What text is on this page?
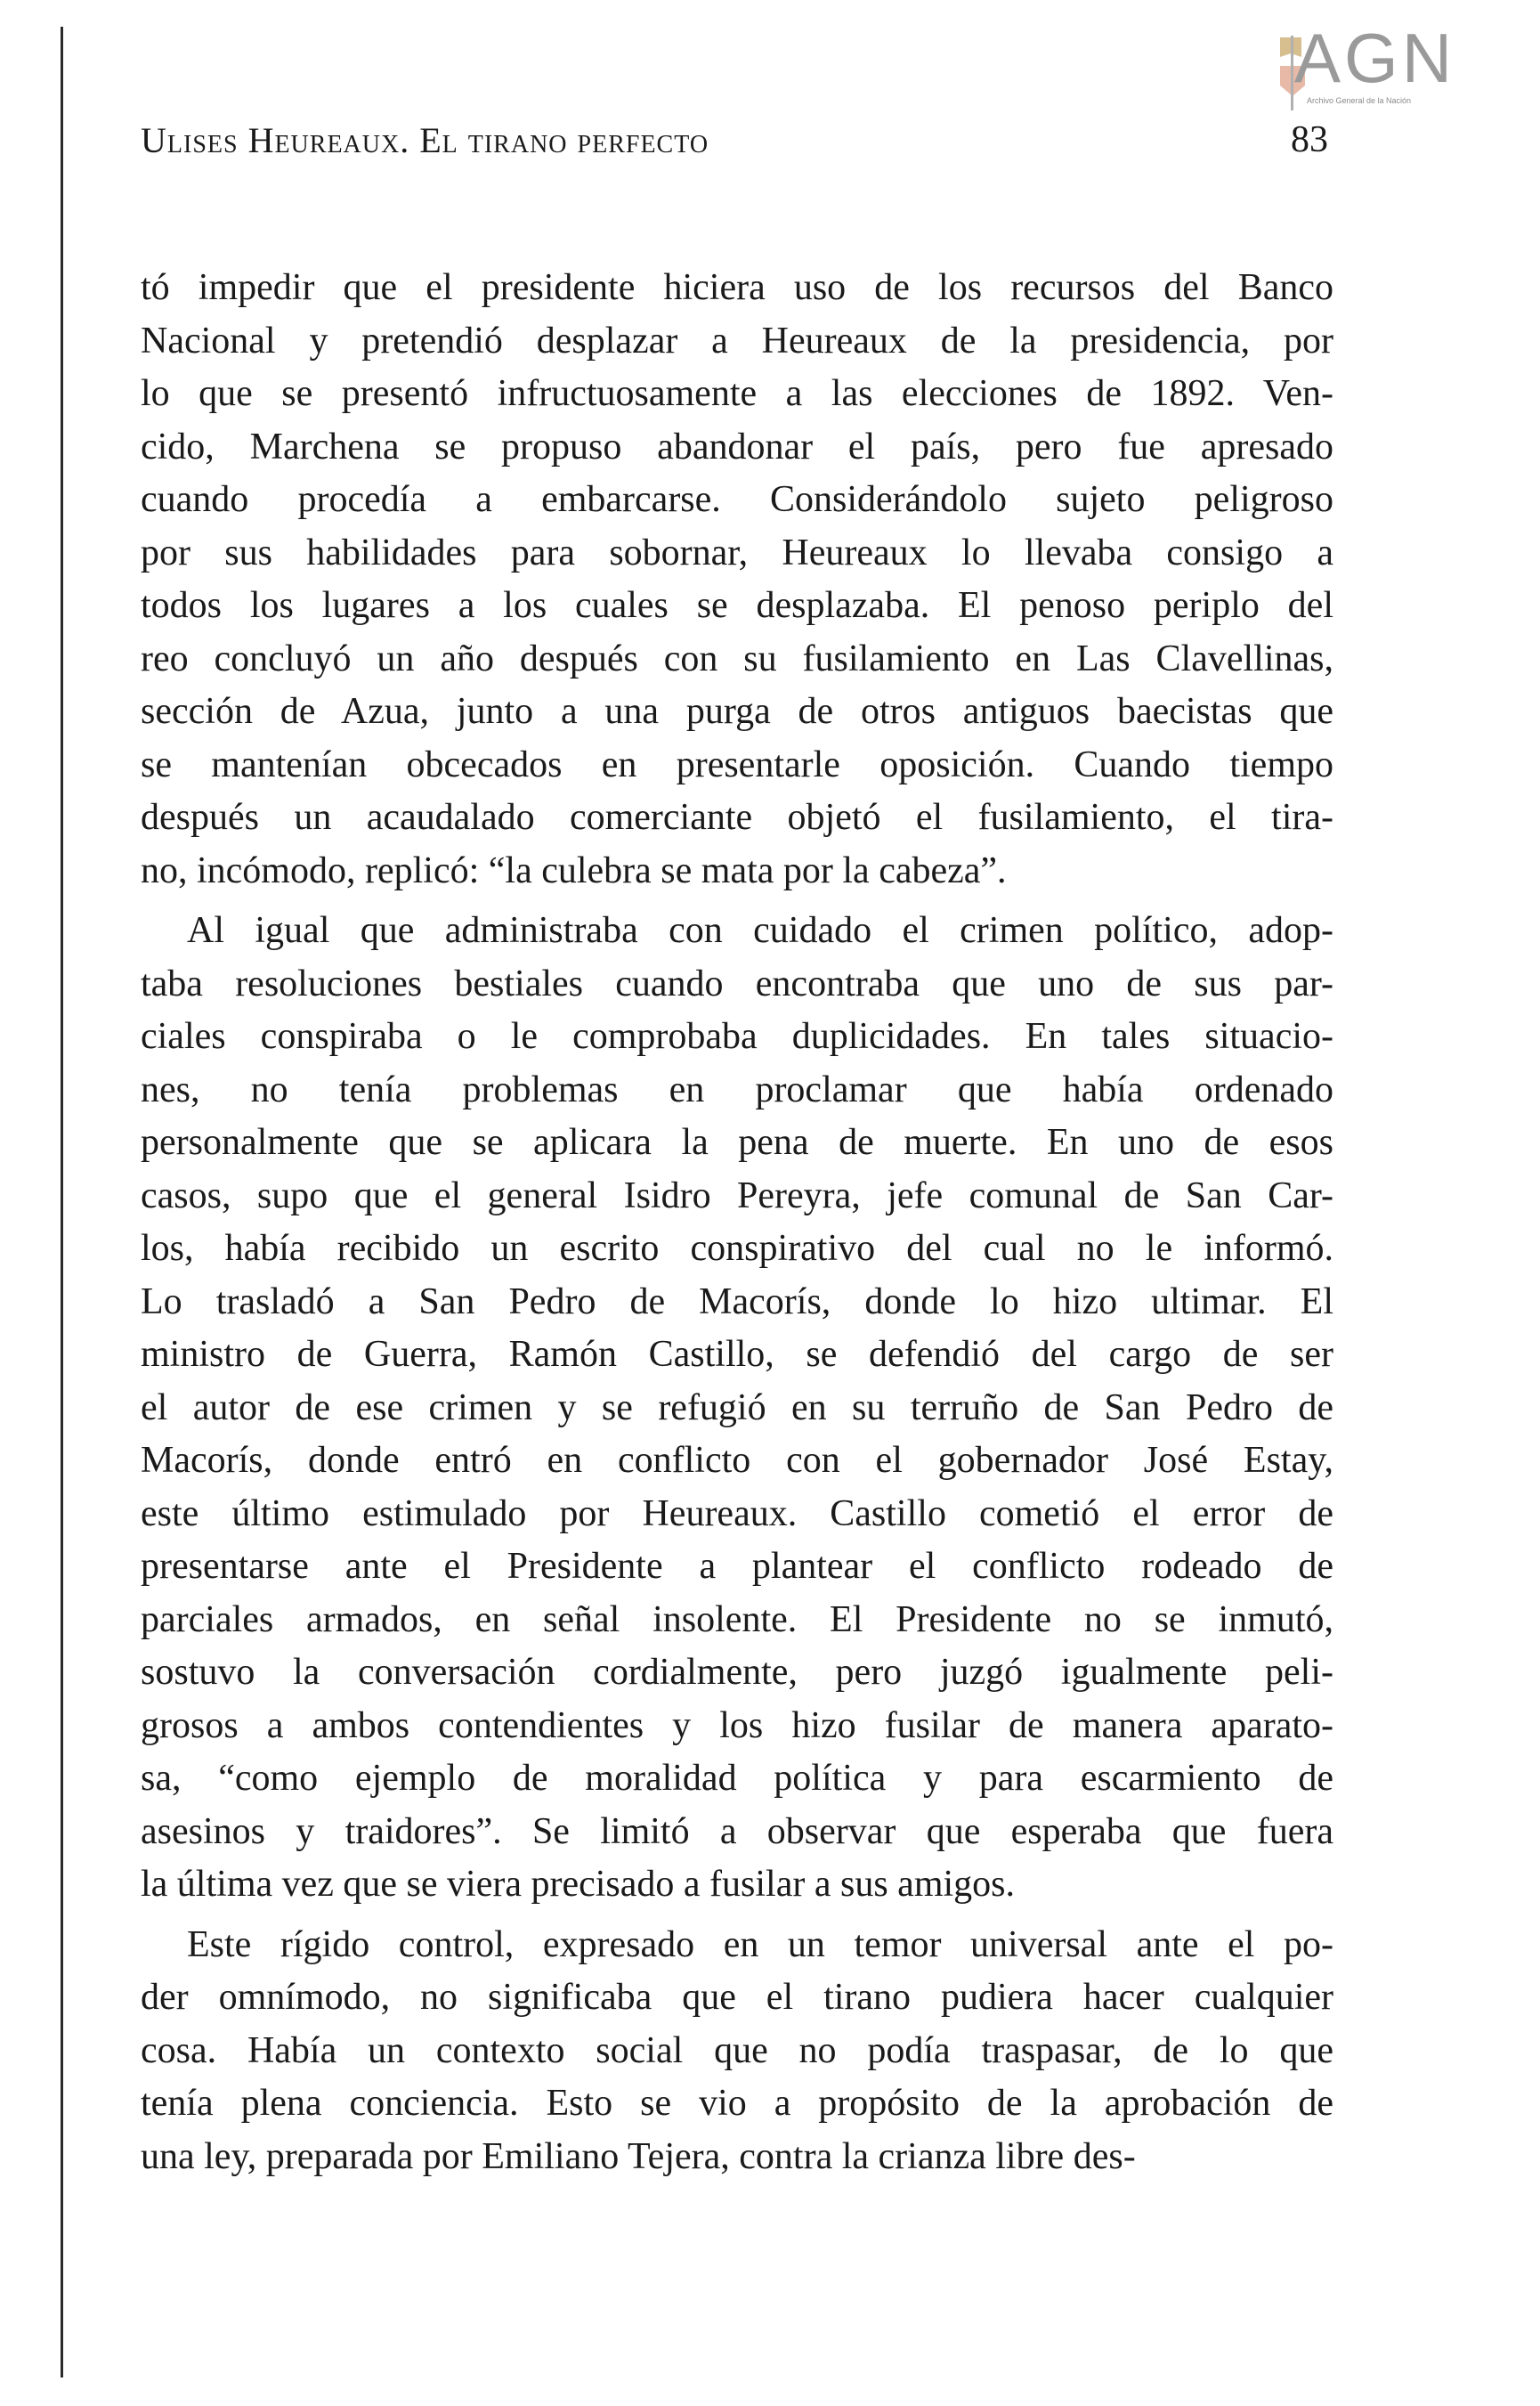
AGN
Archivo General de la Nación
Ulises Heureaux. El tirano perfecto	83

tó impedir que el presidente hiciera uso de los recursos del Banco
Nacional y pretendió desplazar a Heureaux de la presidencia, por
lo que se presentó infructuosamente a las elecciones de 1892. Ven-
cido, Marchena se propuso abandonar el país, pero fue apresado
cuando procedía a embarcarse. Considerándolo sujeto peligroso
por sus habilidades para sobornar, Heureaux lo llevaba consigo a
todos los lugares a los cuales se desplazaba. El penoso periplo del
reo concluyó un año después con su fusilamiento en Las Clavellinas,
sección de Azua, junto a una purga de otros antiguos baecistas que
se mantenían obcecados en presentarle oposición. Cuando tiempo
después un acaudalado comerciante objetó el fusilamiento, el tira-
no, incómodo, replicó: “la culebra se mata por la cabeza”.

Al igual que administraba con cuidado el crimen político, adop-
taba resoluciones bestiales cuando encontraba que uno de sus par-
ciales conspiraba o le comprobaba duplicidades. En tales situacio-
nes, no tenía problemas en proclamar que había ordenado
personalmente que se aplicara la pena de muerte. En uno de esos
casos, supo que el general Isidro Pereyra, jefe comunal de San Car-
los, había recibido un escrito conspirativo del cual no le informó.
Lo trasladó a San Pedro de Macorís, donde lo hizo ultimar. El
ministro de Guerra, Ramón Castillo, se defendió del cargo de ser
el autor de ese crimen y se refugió en su terruño de San Pedro de
Macorís, donde entró en conflicto con el gobernador José Estay,
este último estimulado por Heureaux. Castillo cometió el error de
presentarse ante el Presidente a plantear el conflicto rodeado de
parciales armados, en señal insolente. El Presidente no se inmutó,
sostuvo la conversación cordialmente, pero juzgó igualmente peli-
grosos a ambos contendientes y los hizo fusilar de manera aparato-
sa, “como ejemplo de moralidad política y para escarmiento de
asesinos y traidores”. Se limitó a observar que esperaba que fuera
la última vez que se viera precisado a fusilar a sus amigos.

Este rígido control, expresado en un temor universal ante el po-
der omnímodo, no significaba que el tirano pudiera hacer cualquier
cosa. Había un contexto social que no podía traspasar, de lo que
tenía plena conciencia. Esto se vio a propósito de la aprobación de
una ley, preparada por Emiliano Tejera, contra la crianza libre des-
